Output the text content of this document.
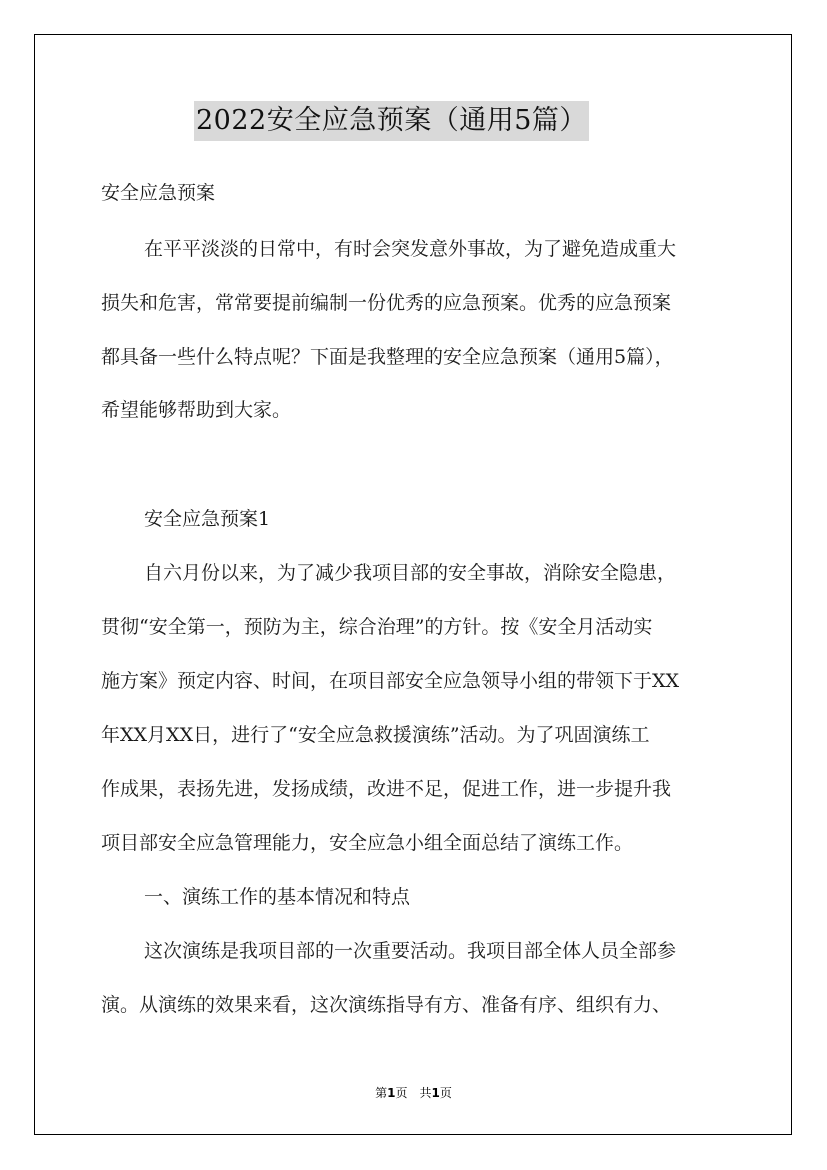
2022安全应急预案（通用5篇）
安全应急预案
在平平淡淡的日常中，有时会突发意外事故，为了避免造成重大
损失和危害，常常要提前编制一份优秀的应急预案。优秀的应急预案
都具备一些什么特点呢？下面是我整理的安全应急预案（通用5篇），
希望能够帮助到大家。
安全应急预案1
自六月份以来，为了减少我项目部的安全事故，消除安全隐患，
贯彻“安全第一，预防为主，综合治理”的方针。按《安全月活动实
施方案》预定内容、时间，在项目部安全应急领导小组的带领下于XX
年XX月XX日，进行了“安全应急救援演练”活动。为了巩固演练工
作成果，表扬先进，发扬成绩，改进不足，促进工作，进一步提升我
项目部安全应急管理能力，安全应急小组全面总结了演练工作。
一、演练工作的基本情况和特点
这次演练是我项目部的一次重要活动。我项目部全体人员全部参
演。从演练的效果来看，这次演练指导有方、准备有序、组织有力、
第1页 共1页
